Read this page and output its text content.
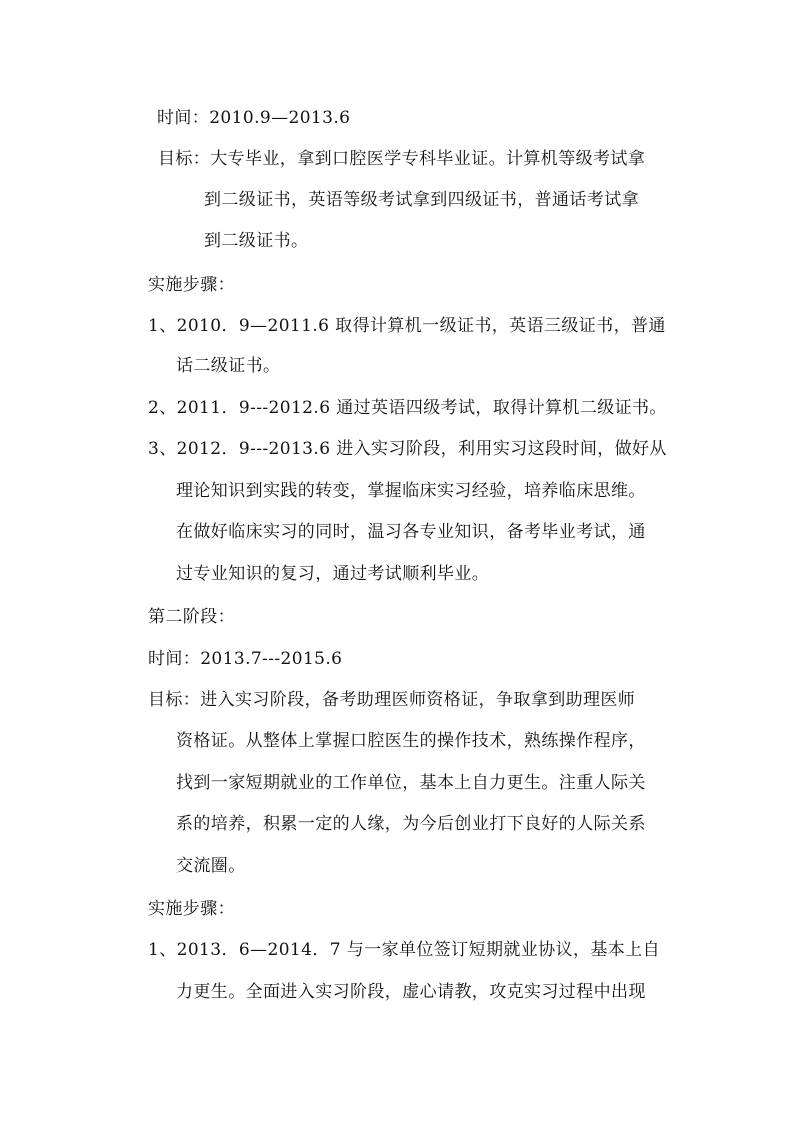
时间：2010.9—2013.6
目标：大专毕业，拿到口腔医学专科毕业证。计算机等级考试拿
到二级证书，英语等级考试拿到四级证书，普通话考试拿
到二级证书。
实施步骤：
1、2010．9—2011.6 取得计算机一级证书，英语三级证书，普通
话二级证书。
2、2011．9---2012.6 通过英语四级考试，取得计算机二级证书。
3、2012．9---2013.6 进入实习阶段，利用实习这段时间，做好从
理论知识到实践的转变，掌握临床实习经验，培养临床思维。
在做好临床实习的同时，温习各专业知识，备考毕业考试，通
过专业知识的复习，通过考试顺利毕业。
第二阶段：
时间：2013.7---2015.6
目标：进入实习阶段，备考助理医师资格证，争取拿到助理医师
资格证。从整体上掌握口腔医生的操作技术，熟练操作程序，
找到一家短期就业的工作单位，基本上自力更生。注重人际关
系的培养，积累一定的人缘，为今后创业打下良好的人际关系
交流圈。
实施步骤：
1、2013．6—2014．7 与一家单位签订短期就业协议，基本上自
力更生。全面进入实习阶段，虚心请教，攻克实习过程中出现
